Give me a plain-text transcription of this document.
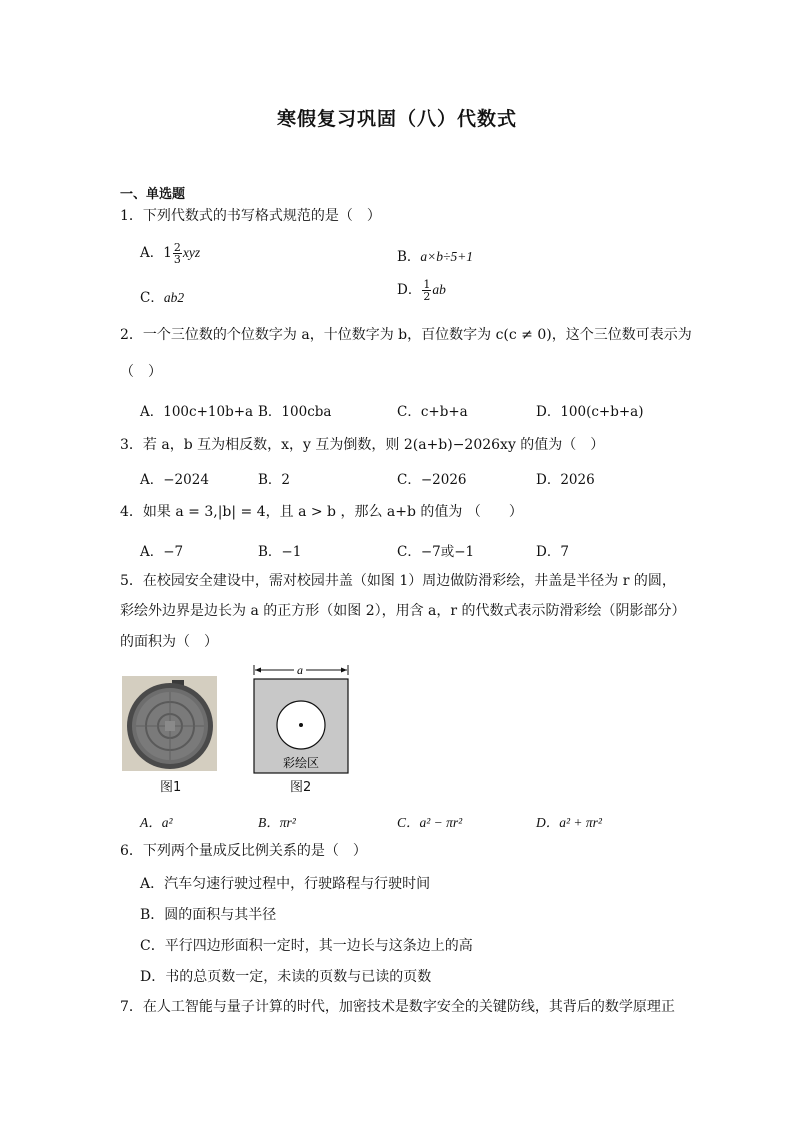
寒假复习巩固（八）代数式
一、单选题
1．下列代数式的书写格式规范的是（　）
A．$1 \frac{2}{3}$ xyz	B．a×b÷5+1
C．ab2	D． $\frac{1}{2}$ ab
2．一个三位数的个位数字为 a，十位数字为 b，百位数字为 c(c ≠ 0)，这个三位数可表示为
（　）
A．100c+10b+a B．100cba	C．c+b+a	D．100(c+b+a)
3．若 a，b 互为相反数，x，y 互为倒数，则 2(a+b)−2026xy 的值为（　）
A．−2024	B．2	C．−2026	D．2026
4．如果 a = 3,|b| = 4，且 a > b ，那么 a+b 的值为 （　　）
A．−7	B．−1	C．−7或−1	D．7
5．在校园安全建设中，需对校园井盖（如图 1）周边做防滑彩绘，井盖是半径为 r 的圆，
彩绘外边界是边长为 a 的正方形（如图 2），用含 a，r 的代数式表示防滑彩绘（阴影部分）
的面积为（　）
图1
a
彩绘区
图2
A．a²	B．πr²	C．a² − πr²	D．a² + πr²
6．下列两个量成反比例关系的是（　）
A．汽车匀速行驶过程中，行驶路程与行驶时间
B．圆的面积与其半径
C．平行四边形面积一定时，其一边长与这条边上的高
D．书的总页数一定，未读的页数与已读的页数
7．在人工智能与量子计算的时代，加密技术是数字安全的关键防线，其背后的数学原理正
